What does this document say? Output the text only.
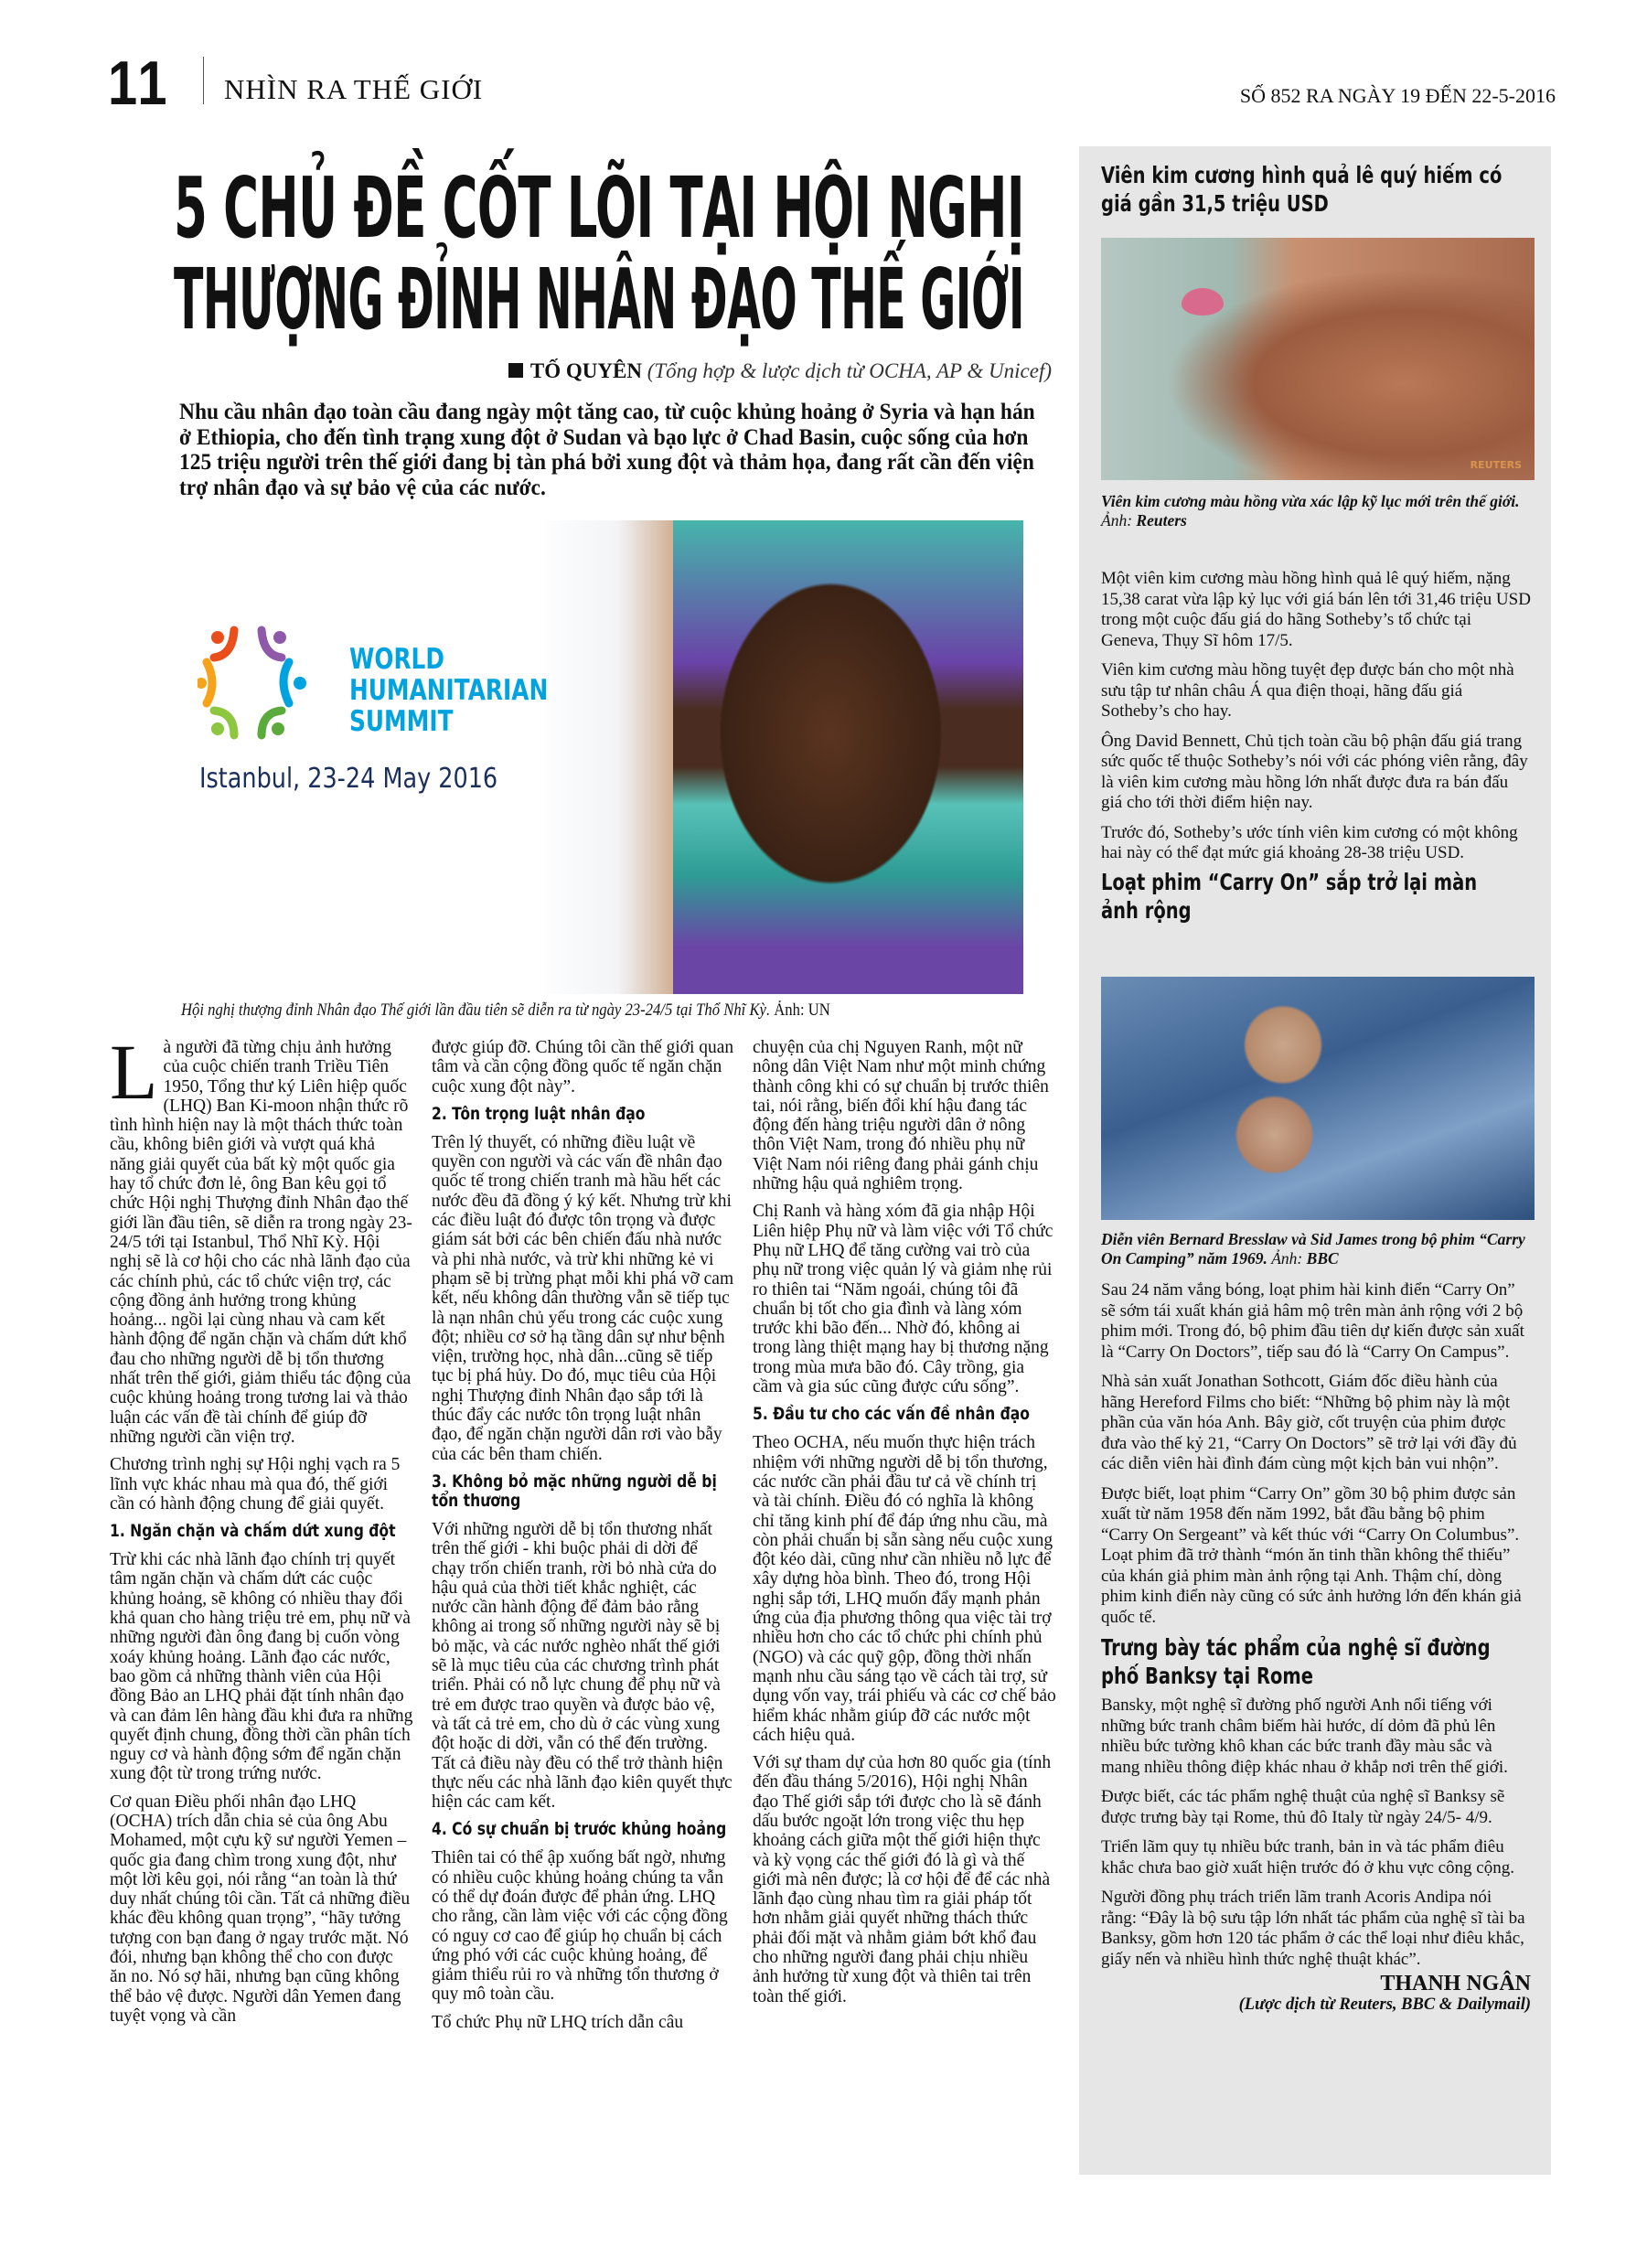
11 NHÌN RA THẾ GIỚI	SỐ 852 RA NGÀY 19 ĐẾN 22-5-2016
5 CHỦ ĐỀ CỐT LÕI TẠI HỘI NGHỊ
THƯỢNG ĐỈNH NHÂN ĐẠO THẾ GIỚI
TỐ QUYÊN (Tổng hợp & lược dịch từ OCHA, AP & Unicef)
Nhu cầu nhân đạo toàn cầu đang ngày một tăng cao, từ cuộc khủng hoảng ở Syria và hạn hán ở Ethiopia, cho đến tình trạng xung đột ở Sudan và bạo lực ở Chad Basin, cuộc sống của hơn 125 triệu người trên thế giới đang bị tàn phá bởi xung đột và thảm họa, đang rất cần đến viện trợ nhân đạo và sự bảo vệ của các nước.
WORLD
HUMANITARIAN
SUMMIT
Istanbul, 23-24 May 2016
Hội nghị thượng đỉnh Nhân đạo Thế giới lần đầu tiên sẽ diễn ra từ ngày 23-24/5 tại Thổ Nhĩ Kỳ. Ảnh: UN

Là người đã từng chịu ảnh hưởng của cuộc chiến tranh Triều Tiên 1950, Tổng thư ký Liên hiệp quốc (LHQ) Ban Ki-moon nhận thức rõ tình hình hiện nay là một thách thức toàn cầu, không biên giới và vượt quá khả năng giải quyết của bất kỳ một quốc gia hay tổ chức đơn lẻ, ông Ban kêu gọi tổ chức Hội nghị Thượng đỉnh Nhân đạo thế giới lần đầu tiên, sẽ diễn ra trong ngày 23-24/5 tới tại Istanbul, Thổ Nhĩ Kỳ. Hội nghị sẽ là cơ hội cho các nhà lãnh đạo của các chính phủ, các tổ chức viện trợ, các cộng đồng ảnh hưởng trong khủng hoảng... ngồi lại cùng nhau và cam kết hành động để ngăn chặn và chấm dứt khổ đau cho những người dễ bị tổn thương nhất trên thế giới, giảm thiểu tác động của cuộc khủng hoảng trong tương lai và thảo luận các vấn đề tài chính để giúp đỡ những người cần viện trợ.

Chương trình nghị sự Hội nghị vạch ra 5 lĩnh vực khác nhau mà qua đó, thế giới cần có hành động chung để giải quyết.

1. Ngăn chặn và chấm dứt xung đột

Trừ khi các nhà lãnh đạo chính trị quyết tâm ngăn chặn và chấm dứt các cuộc khủng hoảng, sẽ không có nhiều thay đổi khả quan cho hàng triệu trẻ em, phụ nữ và những người đàn ông đang bị cuốn vòng xoáy khủng hoảng. Lãnh đạo các nước, bao gồm cả những thành viên của Hội đồng Bảo an LHQ phải đặt tính nhân đạo và can đảm lên hàng đầu khi đưa ra những quyết định chung, đồng thời cần phân tích nguy cơ và hành động sớm để ngăn chặn xung đột từ trong trứng nước.

Cơ quan Điều phối nhân đạo LHQ (OCHA) trích dẫn chia sẻ của ông Abu Mohamed, một cựu kỹ sư người Yemen – quốc gia đang chìm trong xung đột, như một lời kêu gọi, nói rằng “an toàn là thứ duy nhất chúng tôi cần. Tất cả những điều khác đều không quan trọng”, “hãy tưởng tượng con bạn đang ở ngay trước mặt. Nó đói, nhưng bạn không thể cho con được ăn no. Nó sợ hãi, nhưng bạn cũng không thể bảo vệ được. Người dân Yemen đang tuyệt vọng và cần

được giúp đỡ. Chúng tôi cần thế giới quan tâm và cần cộng đồng quốc tế ngăn chặn cuộc xung đột này”.

2. Tôn trọng luật nhân đạo

Trên lý thuyết, có những điều luật về quyền con người và các vấn đề nhân đạo quốc tế trong chiến tranh mà hầu hết các nước đều đã đồng ý ký kết. Nhưng trừ khi các điều luật đó được tôn trọng và được giám sát bởi các bên chiến đấu nhà nước và phi nhà nước, và trừ khi những kẻ vi phạm sẽ bị trừng phạt mỗi khi phá vỡ cam kết, nếu không dân thường vẫn sẽ tiếp tục là nạn nhân chủ yếu trong các cuộc xung đột; nhiều cơ sở hạ tầng dân sự như bệnh viện, trường học, nhà dân...cũng sẽ tiếp tục bị phá hủy. Do đó, mục tiêu của Hội nghị Thượng đỉnh Nhân đạo sắp tới là thúc đẩy các nước tôn trọng luật nhân đạo, để ngăn chặn người dân rơi vào bẫy của các bên tham chiến.

3. Không bỏ mặc những người dễ bị tổn thương

Với những người dễ bị tổn thương nhất trên thế giới - khi buộc phải di dời để chạy trốn chiến tranh, rời bỏ nhà cửa do hậu quả của thời tiết khắc nghiệt, các nước cần hành động để đảm bảo rằng không ai trong số những người này sẽ bị bỏ mặc, và các nước nghèo nhất thế giới sẽ là mục tiêu của các chương trình phát triển. Phải có nỗ lực chung để phụ nữ và trẻ em được trao quyền và được bảo vệ, và tất cả trẻ em, cho dù ở các vùng xung đột hoặc di dời, vẫn có thể đến trường. Tất cả điều này đều có thể trở thành hiện thực nếu các nhà lãnh đạo kiên quyết thực hiện các cam kết.

4. Có sự chuẩn bị trước khủng hoảng

Thiên tai có thể ập xuống bất ngờ, nhưng có nhiều cuộc khủng hoảng chúng ta vẫn có thể dự đoán được để phản ứng. LHQ cho rằng, cần làm việc với các cộng đồng có nguy cơ cao để giúp họ chuẩn bị cách ứng phó với các cuộc khủng hoảng, để giảm thiểu rủi ro và những tổn thương ở quy mô toàn cầu.

Tổ chức Phụ nữ LHQ trích dẫn câu

chuyện của chị Nguyen Ranh, một nữ nông dân Việt Nam như một minh chứng thành công khi có sự chuẩn bị trước thiên tai, nói rằng, biến đổi khí hậu đang tác động đến hàng triệu người dân ở nông thôn Việt Nam, trong đó nhiều phụ nữ Việt Nam nói riêng đang phải gánh chịu những hậu quả nghiêm trọng.

Chị Ranh và hàng xóm đã gia nhập Hội Liên hiệp Phụ nữ và làm việc với Tổ chức Phụ nữ LHQ để tăng cường vai trò của phụ nữ trong việc quản lý và giảm nhẹ rủi ro thiên tai “Năm ngoái, chúng tôi đã chuẩn bị tốt cho gia đình và làng xóm trước khi bão đến... Nhờ đó, không ai trong làng thiệt mạng hay bị thương nặng trong mùa mưa bão đó. Cây trồng, gia cầm và gia súc cũng được cứu sống”.

5. Đầu tư cho các vấn đề nhân đạo

Theo OCHA, nếu muốn thực hiện trách nhiệm với những người dễ bị tổn thương, các nước cần phải đầu tư cả về chính trị và tài chính. Điều đó có nghĩa là không chỉ tăng kinh phí để đáp ứng nhu cầu, mà còn phải chuẩn bị sẵn sàng nếu cuộc xung đột kéo dài, cũng như cần nhiều nỗ lực để xây dựng hòa bình. Theo đó, trong Hội nghị sắp tới, LHQ muốn đẩy mạnh phản ứng của địa phương thông qua việc tài trợ nhiều hơn cho các tổ chức phi chính phủ (NGO) và các quỹ gộp, đồng thời nhấn mạnh nhu cầu sáng tạo về cách tài trợ, sử dụng vốn vay, trái phiếu và các cơ chế bảo hiểm khác nhằm giúp đỡ các nước một cách hiệu quả.

Với sự tham dự của hơn 80 quốc gia (tính đến đầu tháng 5/2016), Hội nghị Nhân đạo Thế giới sắp tới được cho là sẽ đánh dấu bước ngoặt lớn trong việc thu hẹp khoảng cách giữa một thế giới hiện thực và kỳ vọng các thế giới đó là gì và thế giới mà nên được; là cơ hội để để các nhà lãnh đạo cùng nhau tìm ra giải pháp tốt hơn nhằm giải quyết những thách thức phải đối mặt và nhằm giảm bớt khổ đau cho những người đang phải chịu nhiều ảnh hưởng từ xung đột và thiên tai trên toàn thế giới.

Viên kim cương hình quả lê quý hiếm có giá gần 31,5 triệu USD
REUTERS
Viên kim cương màu hồng vừa xác lập kỹ lục mới trên thế giới. Ảnh: Reuters

Một viên kim cương màu hồng hình quả lê quý hiếm, nặng 15,38 carat vừa lập kỷ lục với giá bán lên tới 31,46 triệu USD trong một cuộc đấu giá do hãng Sotheby’s tổ chức tại Geneva, Thụy Sĩ hôm 17/5.

Viên kim cương màu hồng tuyệt đẹp được bán cho một nhà sưu tập tư nhân châu Á qua điện thoại, hãng đấu giá Sotheby’s cho hay.

Ông David Bennett, Chủ tịch toàn cầu bộ phận đấu giá trang sức quốc tế thuộc Sotheby’s nói với các phóng viên rằng, đây là viên kim cương màu hồng lớn nhất được đưa ra bán đấu giá cho tới thời điểm hiện nay.

Trước đó, Sotheby’s ước tính viên kim cương có một không hai này có thể đạt mức giá khoảng 28-38 triệu USD.

Loạt phim “Carry On” sắp trở lại màn ảnh rộng
Diễn viên Bernard Bresslaw và Sid James trong bộ phim “Carry On Camping” năm 1969. Ảnh: BBC

Sau 24 năm vắng bóng, loạt phim hài kinh điển “Carry On” sẽ sớm tái xuất khán giả hâm mộ trên màn ảnh rộng với 2 bộ phim mới. Trong đó, bộ phim đầu tiên dự kiến được sản xuất là “Carry On Doctors”, tiếp sau đó là “Carry On Campus”.

Nhà sản xuất Jonathan Sothcott, Giám đốc điều hành của hãng Hereford Films cho biết: “Những bộ phim này là một phần của văn hóa Anh. Bây giờ, cốt truyện của phim được đưa vào thế kỷ 21, “Carry On Doctors” sẽ trở lại với đầy đủ các diễn viên hài đình đám cùng một kịch bản vui nhộn”.

Được biết, loạt phim “Carry On” gồm 30 bộ phim được sản xuất từ năm 1958 đến năm 1992, bắt đầu bằng bộ phim “Carry On Sergeant” và kết thúc với “Carry On Columbus”. Loạt phim đã trở thành “món ăn tinh thần không thể thiếu” của khán giả phim màn ảnh rộng tại Anh. Thậm chí, dòng phim kinh điển này cũng có sức ảnh hưởng lớn đến khán giả quốc tế.

Trưng bày tác phẩm của nghệ sĩ đường phố Banksy tại Rome

Bansky, một nghệ sĩ đường phố người Anh nổi tiếng với những bức tranh châm biếm hài hước, dí dỏm đã phủ lên nhiều bức tường khô khan các bức tranh đầy màu sắc và mang nhiều thông điệp khác nhau ở khắp nơi trên thế giới.

Được biết, các tác phẩm nghệ thuật của nghệ sĩ Banksy sẽ được trưng bày tại Rome, thủ đô Italy từ ngày 24/5- 4/9.

Triển lãm quy tụ nhiều bức tranh, bản in và tác phẩm điêu khắc chưa bao giờ xuất hiện trước đó ở khu vực công cộng.

Người đồng phụ trách triển lãm tranh Acoris Andipa nói rằng: “Đây là bộ sưu tập lớn nhất tác phẩm của nghệ sĩ tài ba Banksy, gồm hơn 120 tác phẩm ở các thể loại như điêu khắc, giấy nến và nhiều hình thức nghệ thuật khác”.

THANH NGÂN
(Lược dịch từ Reuters, BBC & Dailymail)
